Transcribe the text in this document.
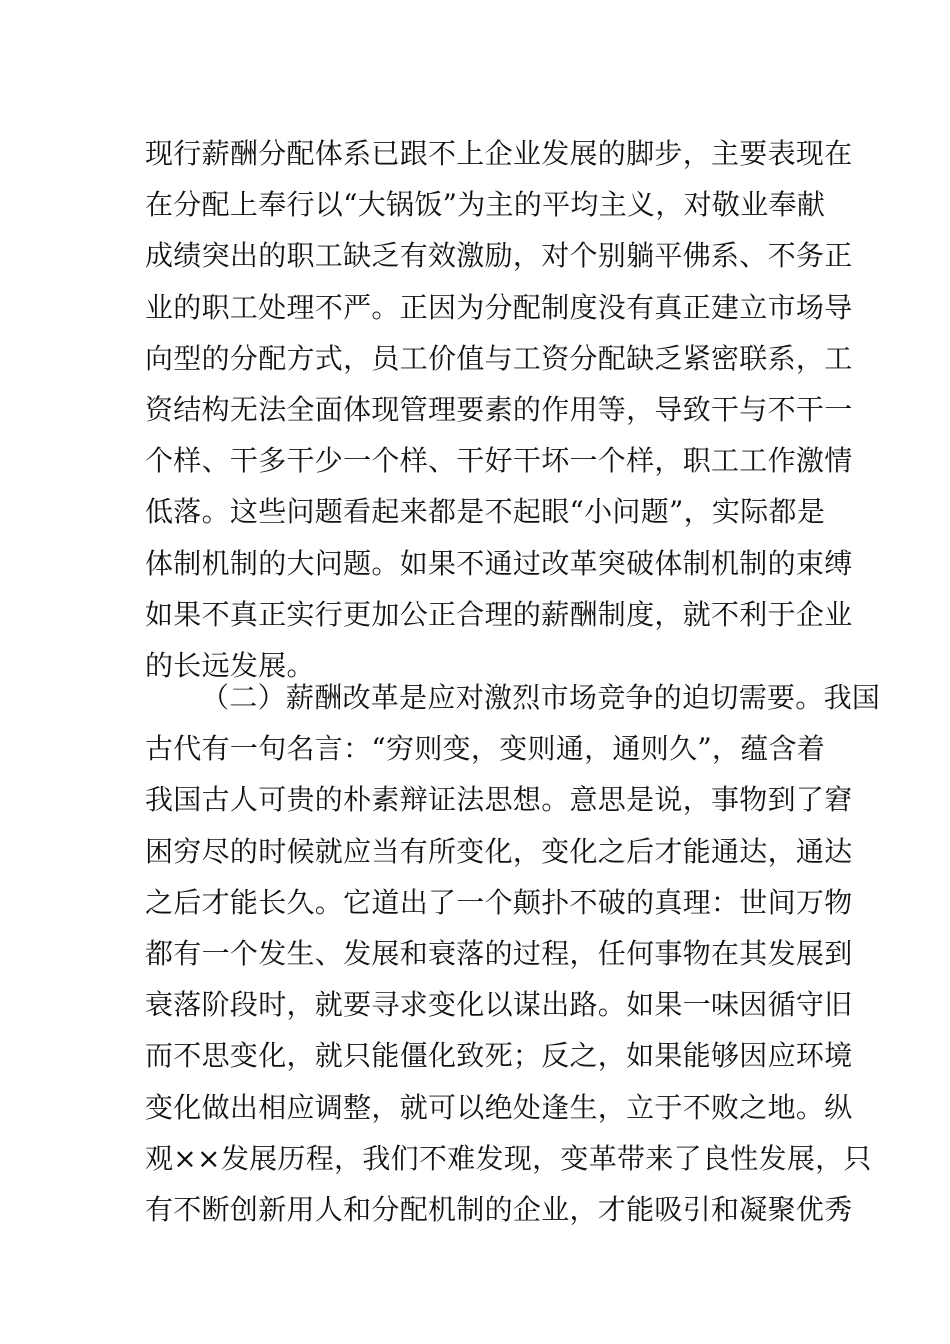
现行薪酬分配体系已跟不上企业发展的脚步，主要表现在
在分配上奉行以“大锅饭”为主的平均主义，对敬业奉献
成绩突出的职工缺乏有效激励，对个别躺平佛系、不务正
业的职工处理不严。正因为分配制度没有真正建立市场导
向型的分配方式，员工价值与工资分配缺乏紧密联系，工
资结构无法全面体现管理要素的作用等，导致干与不干一
个样、干多干少一个样、干好干坏一个样，职工工作激情
低落。这些问题看起来都是不起眼“小问题”，实际都是
体制机制的大问题。如果不通过改革突破体制机制的束缚
如果不真正实行更加公正合理的薪酬制度，就不利于企业
的长远发展。
（二）薪酬改革是应对激烈市场竞争的迫切需要。我国
古代有一句名言：“穷则变，变则通，通则久”，蕴含着
我国古人可贵的朴素辩证法思想。意思是说，事物到了窘
困穷尽的时候就应当有所变化，变化之后才能通达，通达
之后才能长久。它道出了一个颠扑不破的真理：世间万物
都有一个发生、发展和衰落的过程，任何事物在其发展到
衰落阶段时，就要寻求变化以谋出路。如果一味因循守旧
而不思变化，就只能僵化致死；反之，如果能够因应环境
变化做出相应调整，就可以绝处逢生，立于不败之地。纵
观××发展历程，我们不难发现，变革带来了良性发展，只
有不断创新用人和分配机制的企业，才能吸引和凝聚优秀
